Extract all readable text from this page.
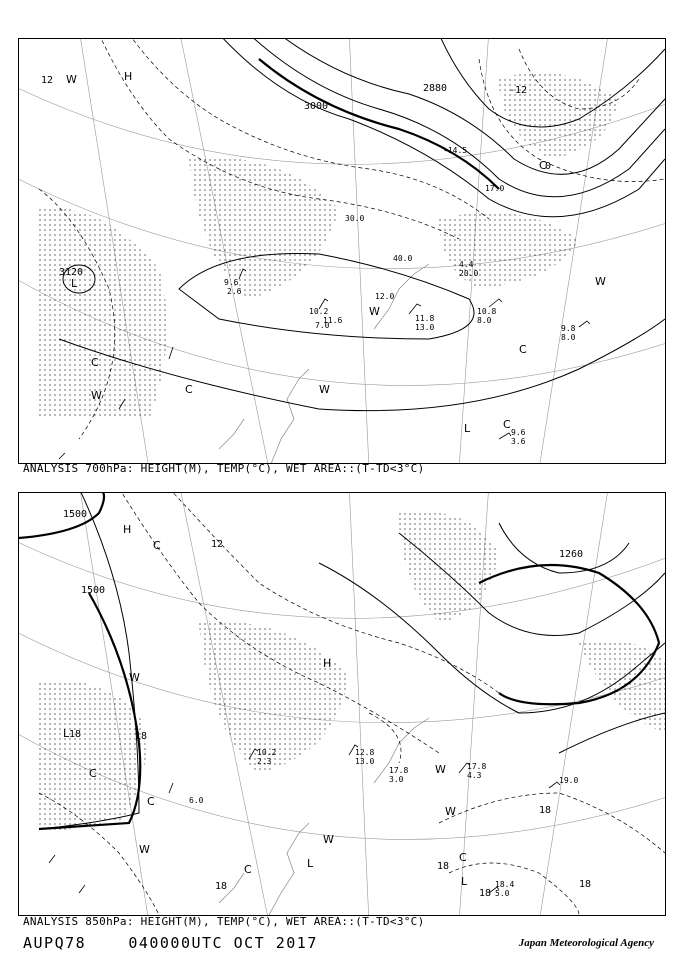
3000
2880
3120
H
L
W
W
C
C
W
L	C
W
C
W
C
12
0
-12
11.8
13.0
10.8
8.0
9.8
8.0
9.6
3.6
10.2
7.0
12.0
11.6
9.6
2.6
40.0
30.0
4.4
20.0
-14.5
17.0
ANALYSIS 700hPa: HEIGHT(M), TEMP(°C), WET AREA::(T-TD<3°C)
1500
1500
1260
H
H
L
W
C
W
W
L
L
C
C
W
C
W
C
12
18	18
18
18
18
18
18
17.8
4.3
19.0
12.8
13.0
17.8
3.0
18.4
5.0
6.0
10.2
2.3
ANALYSIS 850hPa: HEIGHT(M), TEMP(°C), WET AREA::(T-TD<3°C)
AUPQ78	040000UTC OCT 2017	Japan Meteorological Agency
